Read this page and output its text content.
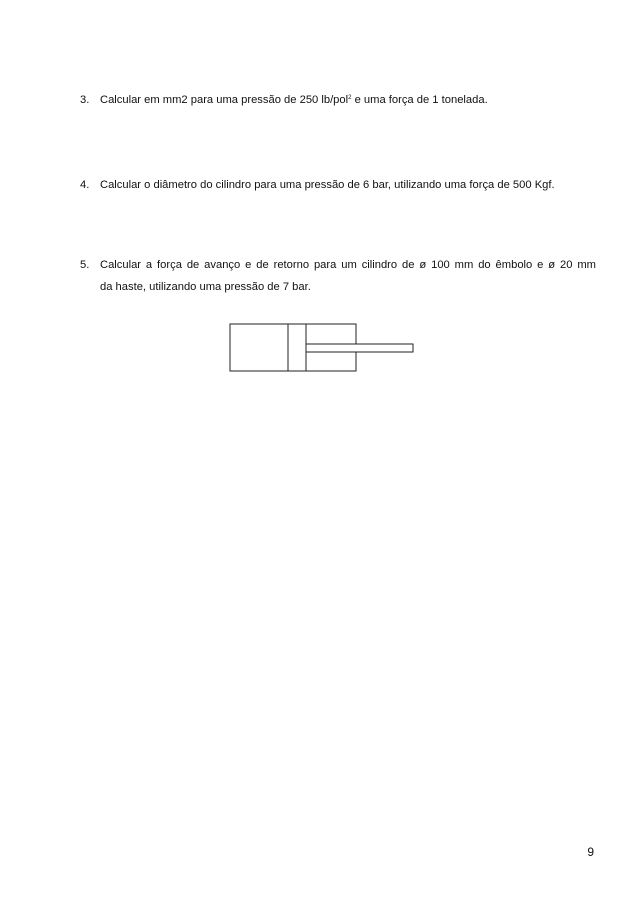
3. Calcular em mm2 para uma pressão de 250 lb/pol$^2$ e uma força de 1 tonelada.
4. Calcular o diâmetro do cilindro para uma pressão de 6 bar, utilizando uma força de 500 Kgf.
5. Calcular a força de avanço e de retorno para um cilindro de ø 100 mm do êmbolo e ø 20 mm
da haste, utilizando uma pressão de 7 bar.
9
